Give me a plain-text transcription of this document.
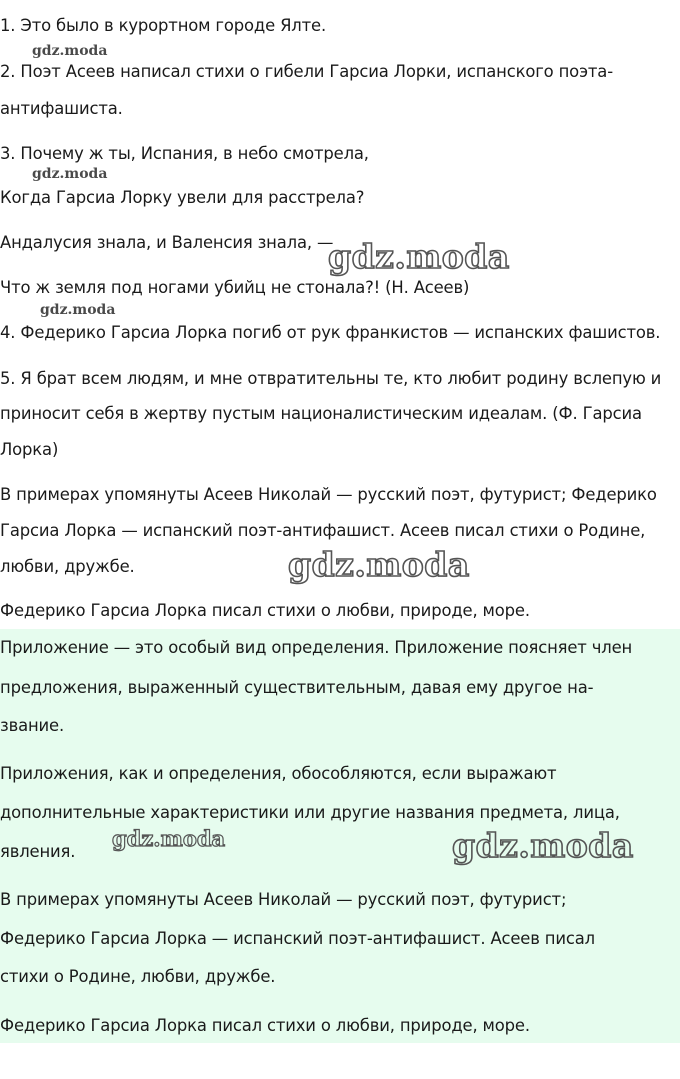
1. Это было в курортном городе Ялте.
2. Поэт Асеев написал стихи о гибели Гарсиа Лорки, испанского поэта-
антифашиста.
3. Почему ж ты, Испания, в небо смотрела,
Когда Гарсиа Лорку увели для расстрела?
Андалусия знала, и Валенсия знала, —
Что ж земля под ногами убийц не стонала?! (Н. Асеев)
4. Федерико Гарсиа Лорка погиб от рук франкистов — испанских фашистов.
5. Я брат всем людям, и мне отвратительны те, кто любит родину вслепую и
приносит себя в жертву пустым националистическим идеалам. (Ф. Гарсиа
Лорка)
В примерах упомянуты Асеев Николай — русский поэт, футурист; Федерико
Гарсиа Лорка — испанский поэт-антифашист. Асеев писал стихи о Родине,
любви, дружбе.
Федерико Гарсиа Лорка писал стихи о любви, природе, море.
Приложение — это особый вид определения. Приложение поясняет член
предложения, выраженный существительным, давая ему другое на-
звание.
Приложения, как и определения, обособляются, если выражают
дополнительные характеристики или другие названия предмета, лица,
явления.
В примерах упомянуты Асеев Николай — русский поэт, футурист;
Федерико Гарсиа Лорка — испанский поэт-антифашист. Асеев писал
стихи о Родине, любви, дружбе.
Федерико Гарсиа Лорка писал стихи о любви, природе, море.
gdz.moda
gdz.moda
gdz.moda
gdz.moda
gdz.moda
